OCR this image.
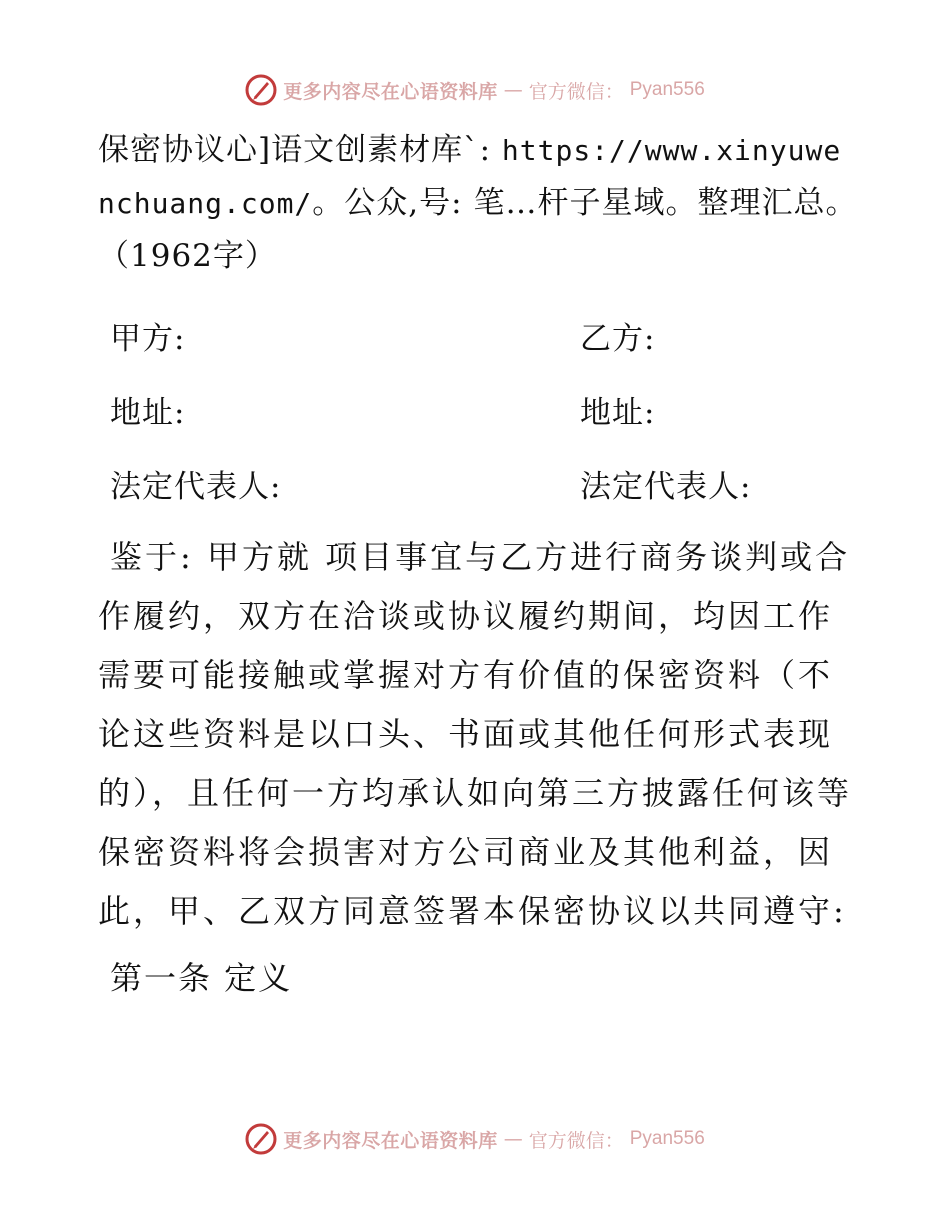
更多内容尽在心语资料库 — 官方微信： Pyan556

保密协议心]语文创素材库`: https://www.xinyuwenchuang.com/。公众,号: 笔…杆子星域。整理汇总。（1962字）

甲方:	乙方:
地址:	地址:
法定代表人:	法定代表人:

鉴于: 甲方就 项目事宜与乙方进行商务谈判或合作履约，双方在洽谈或协议履约期间，均因工作需要可能接触或掌握对方有价值的保密资料（不论这些资料是以口头、书面或其他任何形式表现的），且任何一方均承认如向第三方披露任何该等保密资料将会损害对方公司商业及其他利益，因此，甲、乙双方同意签署本保密协议以共同遵守:

第一条 定义
更多内容尽在心语资料库 — 官方微信： Pyan556
